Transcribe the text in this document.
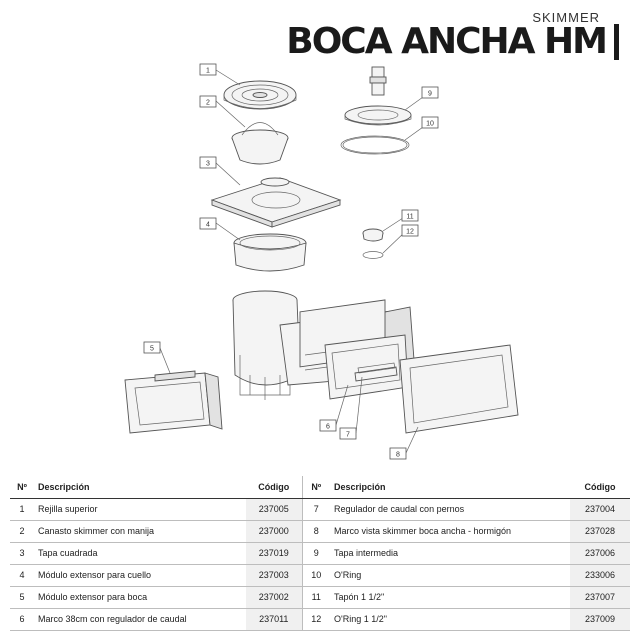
SKIMMER
BOCA ANCHA HM
1
2
3
4
5
6
7
8
9
10
11
12
Nº	Descripción	Código	Nº	Descripción	Código
1	Rejilla superior	237005	7	Regulador de caudal con pernos	237004
2	Canasto skimmer con manija	237000	8	Marco vista skimmer boca ancha - hormigón	237028
3	Tapa cuadrada	237019	9	Tapa intermedia	237006
4	Módulo extensor para cuello	237003	10	O'Ring	233006
5	Módulo extensor para boca	237002	11	Tapón 1 1/2"	237007
6	Marco 38cm con regulador de caudal	237011	12	O'Ring 1 1/2"	237009
